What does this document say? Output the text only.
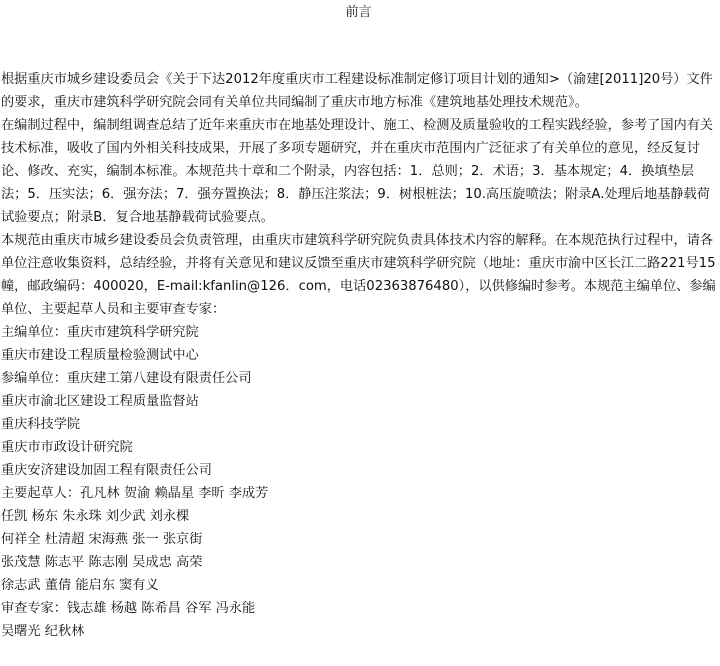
前言

根据重庆市城乡建设委员会《关于下达2012年度重庆市工程建设标准制定修订项目计划的通知>（渝建[2011]20号）文件的要求，重庆市建筑科学研究院会同有关单位共同编制了重庆市地方标准《建筑地基处理技术规范》。

在编制过程中，编制组调查总结了近年来重庆市在地基处理设计、施工、检测及质量验收的工程实践经验，参考了国内有关技术标准，吸收了国内外相关科技成果，开展了多项专题研究，并在重庆市范围内广泛征求了有关单位的意见，经反复讨论、修改、充实，编制本标准。本规范共十章和二个附录，内容包括：1．总则；2．术语；3．基本规定；4．换填垫层法；5．压实法；6．强夯法；7．强夯置换法；8．静压注浆法；9．树根桩法；10.高压旋喷法；附录A.处理后地基静载荷试验要点；附录B．复合地基静载荷试验要点。

本规范由重庆市城乡建设委员会负责管理，由重庆市建筑科学研究院负责具体技术内容的解释。在本规范执行过程中，请各单位注意收集资料，总结经验，并将有关意见和建议反馈至重庆市建筑科学研究院（地址：重庆市渝中区长江二路221号15幢，邮政编码：400020，E-mail:kfanlin@126．com，电话02363876480），以供修编时参考。本规范主编单位、参编单位、主要起草人员和主要审查专家：

主编单位：重庆市建筑科学研究院
重庆市建设工程质量检验测试中心
参编单位：重庆建工第八建设有限责任公司
重庆市渝北区建设工程质量监督站
重庆科技学院
重庆市市政设计研究院
重庆安济建设加固工程有限责任公司
主要起草人：孔凡林 贺渝 赖晶星 李昕 李成芳
任凯 杨东 朱永珠 刘少武 刘永棵
何祥全 杜清超 宋海燕 张一 张京街
张茂慧 陈志平 陈志刚 吴成忠 高荣
徐志武 董倩 能启东 窦有义
审查专家：钱志雄 杨越 陈希昌 谷军 冯永能
吴曙光 纪秋林
